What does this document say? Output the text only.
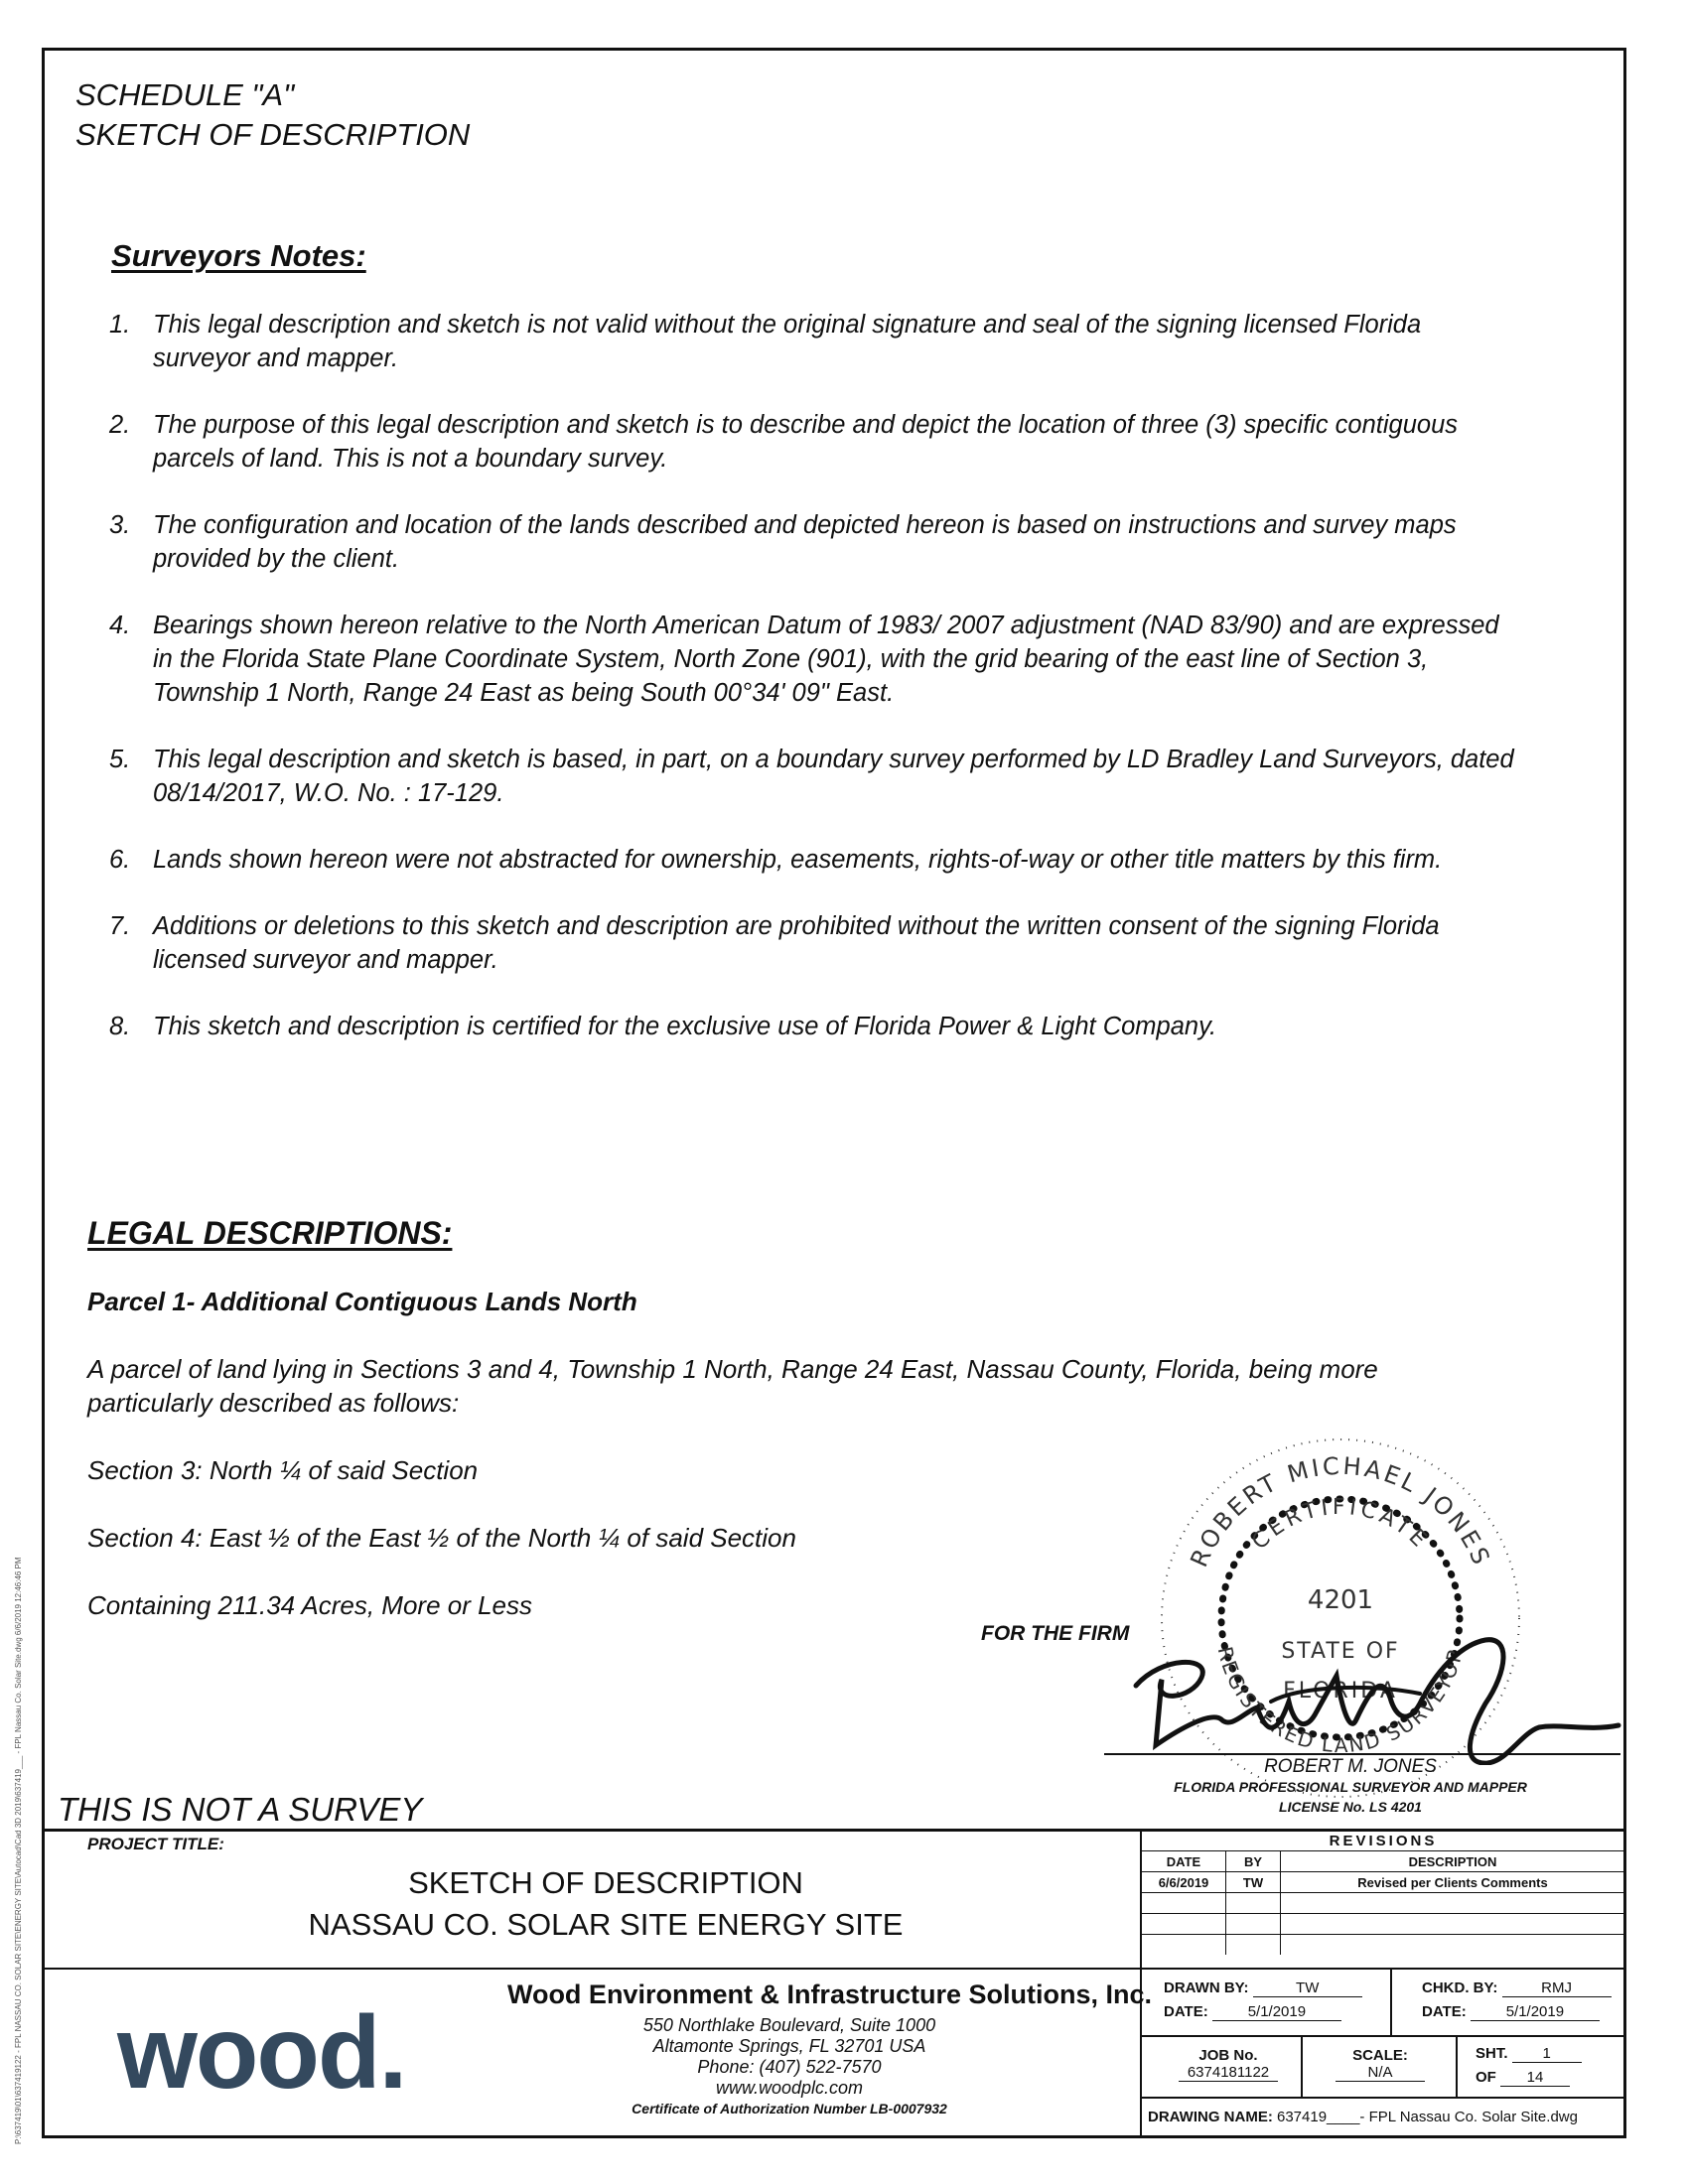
SCHEDULE "A"
SKETCH OF DESCRIPTION
Surveyors Notes:
1. This legal description and sketch is not valid without the original signature and seal of the signing licensed Florida surveyor and mapper.
2. The purpose of this legal description and sketch is to describe and depict the location of three (3) specific contiguous parcels of land. This is not a boundary survey.
3. The configuration and location of the lands described and depicted hereon is based on instructions and survey maps provided by the client.
4. Bearings shown hereon relative to the North American Datum of 1983/ 2007 adjustment (NAD 83/90) and are expressed in the Florida State Plane Coordinate System, North Zone (901), with the grid bearing of the east line of Section 3, Township 1 North, Range 24 East as being South 00°34' 09" East.
5. This legal description and sketch is based, in part, on a boundary survey performed by LD Bradley Land Surveyors, dated 08/14/2017, W.O. No. : 17-129.
6. Lands shown hereon were not abstracted for ownership, easements, rights-of-way or other title matters by this firm.
7. Additions or deletions to this sketch and description are prohibited without the written consent of the signing Florida licensed surveyor and mapper.
8. This sketch and description is certified for the exclusive use of Florida Power & Light Company.
LEGAL DESCRIPTIONS:
Parcel 1- Additional Contiguous Lands North
A parcel of land lying in Sections 3 and 4, Township 1 North, Range 24 East, Nassau County, Florida, being more particularly described as follows:
Section 3: North ¼ of said Section
Section 4: East ½ of the East ½ of the North ¼ of said Section
Containing 211.34 Acres, More or Less
P:\637419\01\637419122 - FPL NASSAU CO. SOLAR SITE\ENERGY SITE\Autocad\Cad 3D 2019\637419___ - FPL Nassau Co. Solar Site.dwg 6/6/2019 12:46:46 PM
ROBERT MICHAEL JONES
CERTIFICATE
4201
STATE OF
FLORIDA
REGISTERED LAND SURVEYOR
FOR THE FIRM
ROBERT M. JONES
FLORIDA PROFESSIONAL SURVEYOR AND MAPPER
LICENSE No. LS 4201
THIS IS NOT A SURVEY
PROJECT TITLE:
SKETCH OF DESCRIPTION
NASSAU CO. SOLAR SITE ENERGY SITE
REVISIONS		
DATE	BY	DESCRIPTION
6/6/2019	TW	Revised per Clients Comments

wood.
Wood Environment & Infrastructure Solutions, Inc.
550 Northlake Boulevard, Suite 1000
Altamonte Springs, FL 32701 USA
Phone: (407) 522-7570
www.woodplc.com
Certificate of Authorization Number LB-0007932
DRAWN BY:	TW
DATE:	5/1/2019
CHKD. BY:	RMJ
DATE:	5/1/2019
JOB No.
6374181122
SCALE:
N/A
SHT. 1
OF 14
DRAWING NAME: 637419____- FPL Nassau Co. Solar Site.dwg
